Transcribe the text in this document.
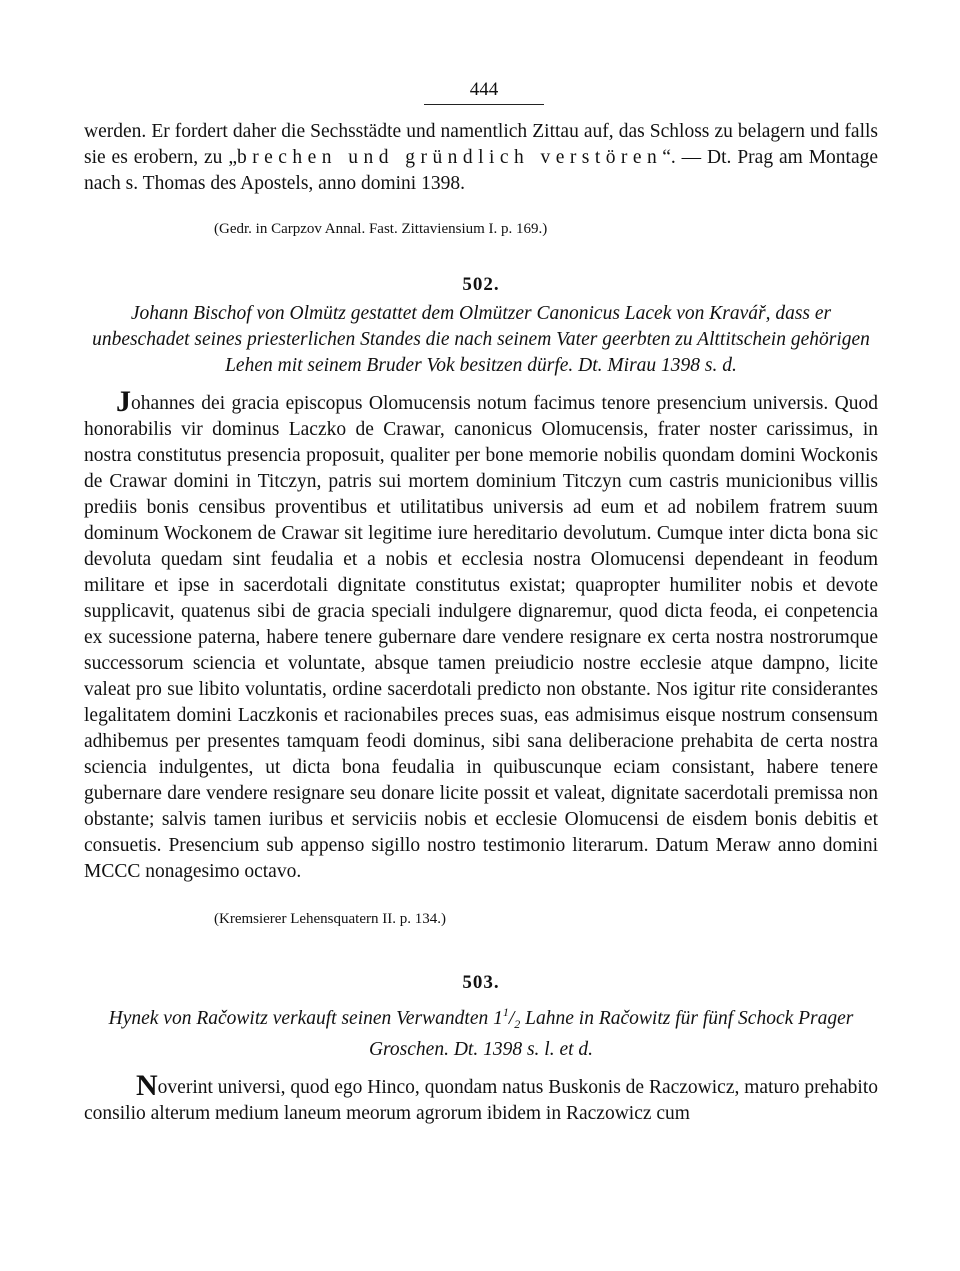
444

werden. Er fordert daher die Sechsstädte und namentlich Zittau auf, das Schloss zu belagern und falls sie es erobern, zu „brechen und gründlich verstören“. — Dt. Prag am Montage nach s. Thomas des Apostels, anno domini 1398.

(Gedr. in Carpzov Annal. Fast. Zittaviensium I. p. 169.)
502.
Johann Bischof von Olmütz gestattet dem Olmützer Canonicus Lacek von Kravář, dass er unbeschadet seines priesterlichen Standes die nach seinem Vater geerbten zu Alttitschein gehörigen Lehen mit seinem Bruder Vok besitzen dürfe. Dt. Mirau 1398 s. d.

Johannes dei gracia episcopus Olomucensis notum facimus tenore presencium universis. Quod honorabilis vir dominus Laczko de Crawar, canonicus Olomucensis, frater noster carissimus, in nostra constitutus presencia proposuit, qualiter per bone memorie nobilis quondam domini Wockonis de Crawar domini in Titczyn, patris sui mortem dominium Titczyn cum castris municionibus villis prediis bonis censibus proventibus et utilitatibus universis ad eum et ad nobilem fratrem suum dominum Wockonem de Crawar sit legitime iure hereditario devolutum. Cumque inter dicta bona sic devoluta quedam sint feudalia et a nobis et ecclesia nostra Olomucensi dependeant in feodum militare et ipse in sacerdotali dignitate constitutus existat; quapropter humiliter nobis et devote supplicavit, quatenus sibi de gracia speciali indulgere dignaremur, quod dicta feoda, ei conpetencia ex sucessione paterna, habere tenere gubernare dare vendere resignare ex certa nostra nostrorumque successorum sciencia et voluntate, absque tamen preiudicio nostre ecclesie atque dampno, licite valeat pro sue libito voluntatis, ordine sacerdotali predicto non obstante. Nos igitur rite considerantes legalitatem domini Laczkonis et racionabiles preces suas, eas admisimus eisque nostrum consensum adhibemus per presentes tamquam feodi dominus, sibi sana deliberacione prehabita de certa nostra sciencia indulgentes, ut dicta bona feudalia in quibuscunque eciam consistant, habere tenere gubernare dare vendere resignare seu donare licite possit et valeat, dignitate sacerdotali premissa non obstante; salvis tamen iuribus et serviciis nobis et ecclesie Olomucensi de eisdem bonis debitis et consuetis. Presencium sub appenso sigillo nostro testimonio literarum. Datum Meraw anno domini MCCC nonagesimo octavo.

(Kremsierer Lehensquatern II. p. 134.)
503.
Hynek von Račowitz verkauft seinen Verwandten $1^1/_2$ Lahne in Račowitz für fünf Schock Prager Groschen. Dt. 1398 s. l. et d.

Noverint universi, quod ego Hinco, quondam natus Buskonis de Raczowicz, maturo prehabito consilio alterum medium laneum meorum agrorum ibidem in Raczowicz cum
